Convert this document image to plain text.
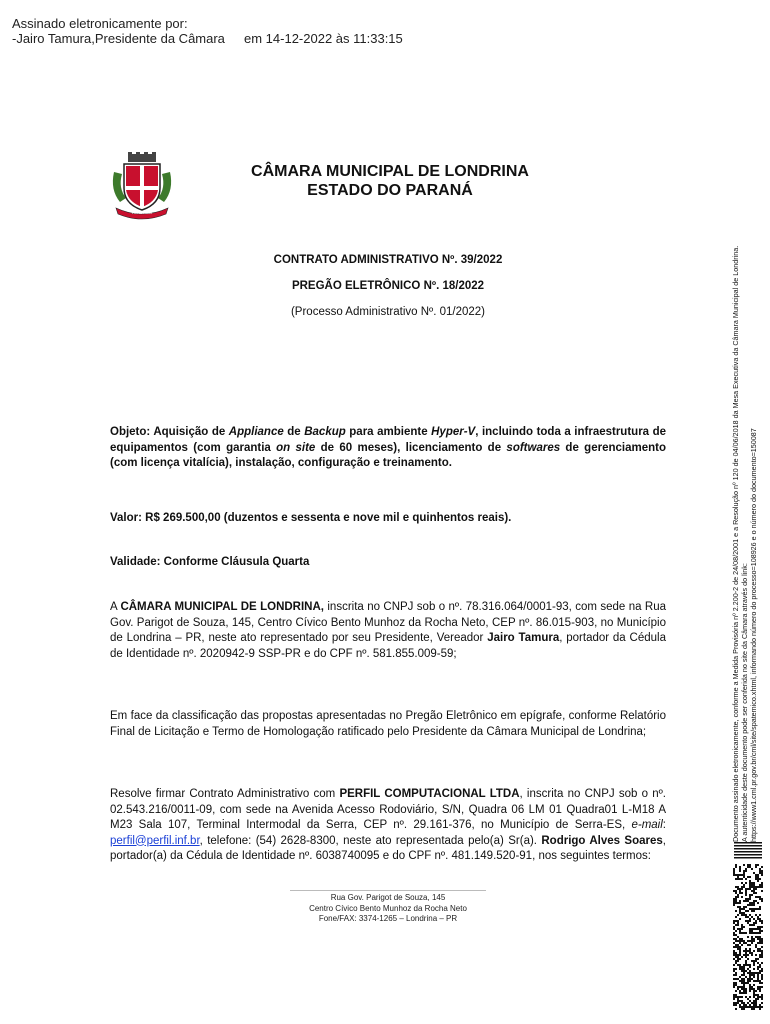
Assinado eletronicamente por:
-Jairo Tamura,Presidente da Câmara em 14-12-2022 às 11:33:15
LONDRINA
CÂMARA MUNICIPAL DE LONDRINA
ESTADO DO PARANÁ
CONTRATO ADMINISTRATIVO Nº. 39/2022
PREGÃO ELETRÔNICO Nº. 18/2022
(Processo Administrativo Nº. 01/2022)

Objeto: Aquisição de Appliance de Backup para ambiente Hyper-V, incluindo toda a infraestrutura de equipamentos (com garantia on site de 60 meses), licenciamento de softwares de gerenciamento (com licença vitalícia), instalação, configuração e treinamento.

Valor: R$ 269.500,00 (duzentos e sessenta e nove mil e quinhentos reais).
Validade: Conforme Cláusula Quarta

A CÂMARA MUNICIPAL DE LONDRINA, inscrita no CNPJ sob o nº. 78.316.064/0001-93, com sede na Rua Gov. Parigot de Souza, 145, Centro Cívico Bento Munhoz da Rocha Neto, CEP nº. 86.015-903, no Município de Londrina – PR, neste ato representado por seu Presidente, Vereador Jairo Tamura, portador da Cédula de Identidade nº. 2020942-9 SSP-PR e do CPF nº. 581.855.009-59;

Em face da classificação das propostas apresentadas no Pregão Eletrônico em epígrafe, conforme Relatório Final de Licitação e Termo de Homologação ratificado pelo Presidente da Câmara Municipal de Londrina;

Resolve firmar Contrato Administrativo com PERFIL COMPUTACIONAL LTDA, inscrita no CNPJ sob o nº. 02.543.216/0011-09, com sede na Avenida Acesso Rodoviário, S/N, Quadra 06 LM 01 Quadra01 L-M18 A M23 Sala 107, Terminal Intermodal da Serra, CEP nº. 29.161-376, no Município de Serra-ES, e-mail: perfil@perfil.inf.br, telefone: (54) 2628-8300, neste ato representada pelo(a) Sr(a). Rodrigo Alves Soares, portador(a) da Cédula de Identidade nº. 6038740095 e do CPF nº. 481.149.520-91, nos seguintes termos:

Rua Gov. Parigot de Souza, 145
Centro Cívico Bento Munhoz da Rocha Neto
Fone/FAX: 3374-1265 – Londrina – PR
Documento assinado eletronicamente, conforme a Medida Provisória nº 2.200-2 de 24/08/2001 e a Resolução nº 120 de 04/06/2018 da Mesa Executiva da Câmara Municipal de Londrina. A autenticidade deste documento pode ser conferida no site da Câmara através do link: https://www1.cml.pr.gov.br/cml/site/spatemico.xhtml, informando número do processo=108926 e o número do documento=150087
